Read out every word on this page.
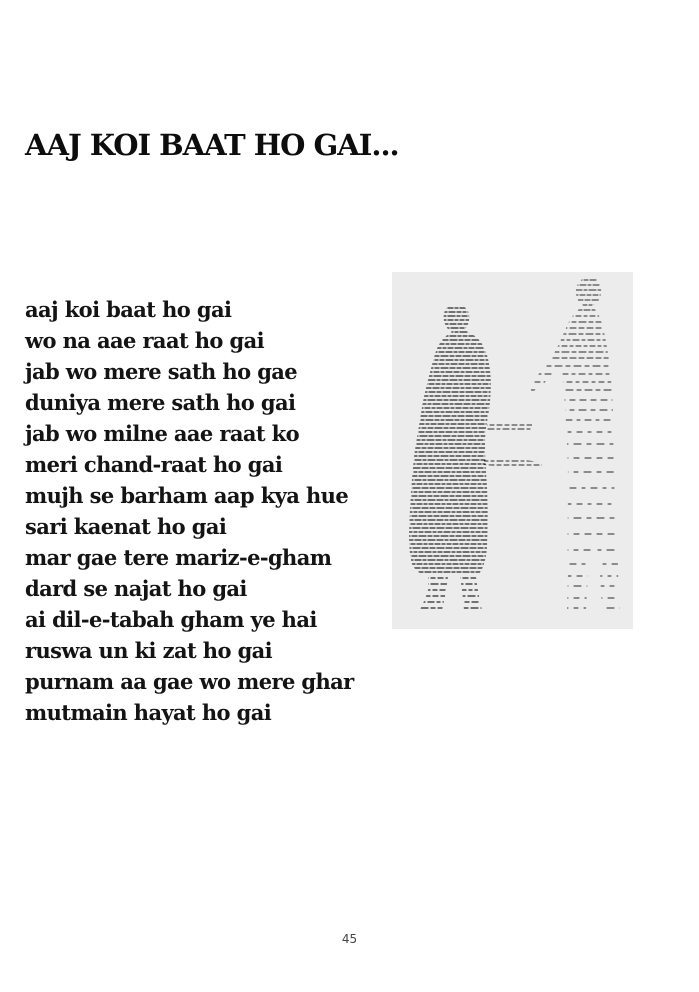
AAJ KOI BAAT HO GAI...
aaj koi baat ho gai
wo na aae raat ho gai
jab wo mere sath ho gae
duniya mere sath ho gai
jab wo milne aae raat ko
meri chand-raat ho gai
mujh se barham aap kya hue
sari kaenat ho gai
mar gae tere mariz-e-gham
dard se najat ho gai
ai dil-e-tabah gham ye hai
ruswa un ki zat ho gai
purnam aa gae wo mere ghar
mutmain hayat ho gai
45
